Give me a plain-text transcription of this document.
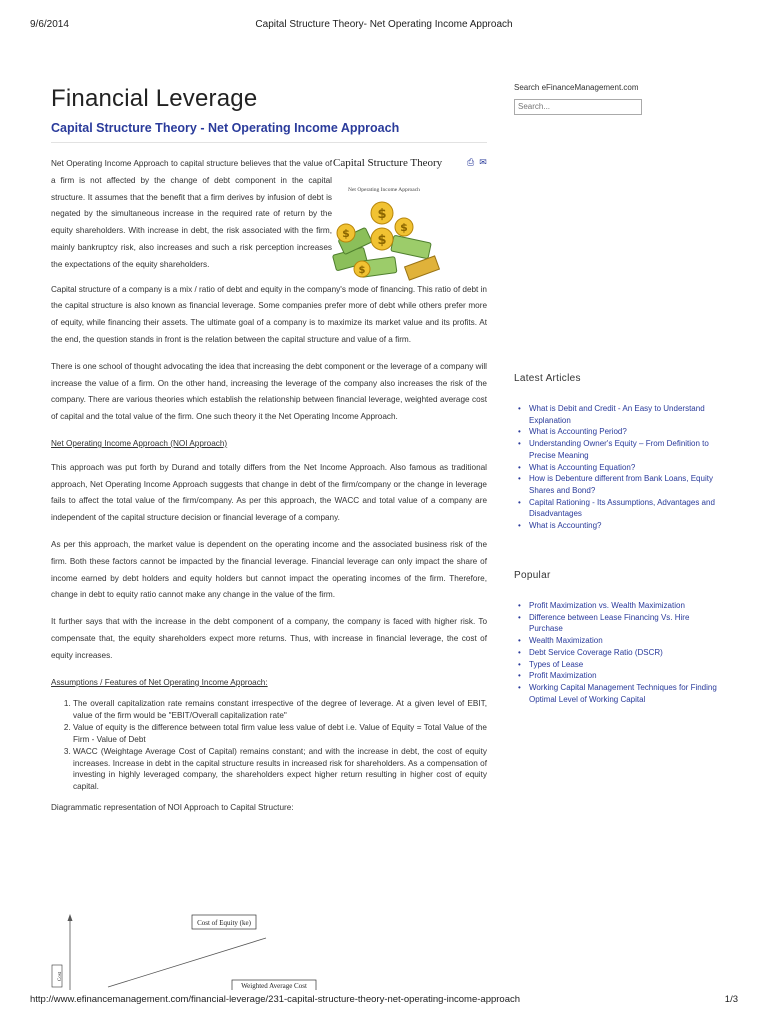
Capital Structure Theory- Net Operating Income Approach
9/6/2014
Financial Leverage
Capital Structure Theory - Net Operating Income Approach
⎙ ✉
Capital Structure Theory
Net Operating Income Approach
$
$
$
$
$

Net Operating Income Approach to capital structure believes that the value of a firm is not affected by the change of debt component in the capital structure. It assumes that the benefit that a firm derives by infusion of debt is negated by the simultaneous increase in the required rate of return by the equity shareholders. With increase in debt, the risk associated with the firm, mainly bankruptcy risk, also increases and such a risk perception increases the expectations of the equity shareholders.

Capital structure of a company is a mix / ratio of debt and equity in the company's mode of financing. This ratio of debt in the capital structure is also known as financial leverage. Some companies prefer more of debt while others prefer more of equity, while financing their assets. The ultimate goal of a company is to maximize its market value and its profits. At the end, the question stands in front is the relation between the capital structure and value of a firm.

There is one school of thought advocating the idea that increasing the debt component or the leverage of a company will increase the value of a firm. On the other hand, increasing the leverage of the company also increases the risk of the company. There are various theories which establish the relationship between financial leverage, weighted average cost of capital and the total value of the firm. One such theory it the Net Operating Income Approach.

Net Operating Income Approach (NOI Approach)

This approach was put forth by Durand and totally differs from the Net Income Approach. Also famous as traditional approach, Net Operating Income Approach suggests that change in debt of the firm/company or the change in leverage fails to affect the total value of the firm/company. As per this approach, the WACC and total value of a company are independent of the capital structure decision or financial leverage of a company.

As per this approach, the market value is dependent on the operating income and the associated business risk of the firm. Both these factors cannot be impacted by the financial leverage. Financial leverage can only impact the share of income earned by debt holders and equity holders but cannot impact the operating incomes of the firm. Therefore, change in debt to equity ratio cannot make any change in the value of the firm.

It further says that with the increase in the debt component of a company, the company is faced with higher risk. To compensate that, the equity shareholders expect more returns. Thus, with increase in financial leverage, the cost of equity increases.

Assumptions / Features of Net Operating Income Approach:
1. The overall capitalization rate remains constant irrespective of the degree of leverage. At a given level of EBIT, value of the firm would be "EBIT/Overall capitalization rate"
2. Value of equity is the difference between total firm value less value of debt i.e. Value of Equity = Total Value of the Firm - Value of Debt
3. WACC (Weightage Average Cost of Capital) remains constant; and with the increase in debt, the cost of equity increases. Increase in debt in the capital structure results in increased risk for shareholders. As a compensation of investing in highly leveraged company, the shareholders expect higher return resulting in higher cost of equity capital.
Diagrammatic representation of NOI Approach to Capital Structure:
Cost of Equity (ke)
Weighted Average Cost
Cost
Search eFinanceManagement.com
Search...
Latest Articles
• What is Debit and Credit - An Easy to Understand Explanation
• What is Accounting Period?
• Understanding Owner's Equity – From Definition to Precise Meaning
• What is Accounting Equation?
• How is Debenture different from Bank Loans, Equity Shares and Bond?
• Capital Rationing - Its Assumptions, Advantages and Disadvantages
• What is Accounting?
Popular
• Profit Maximization vs. Wealth Maximization
• Difference between Lease Financing Vs. Hire Purchase
• Wealth Maximization
• Debt Service Coverage Ratio (DSCR)
• Types of Lease
• Profit Maximization
• Working Capital Management Techniques for Finding Optimal Level of Working Capital
http://www.efinancemanagement.com/financial-leverage/231-capital-structure-theory-net-operating-income-approach	1/3
